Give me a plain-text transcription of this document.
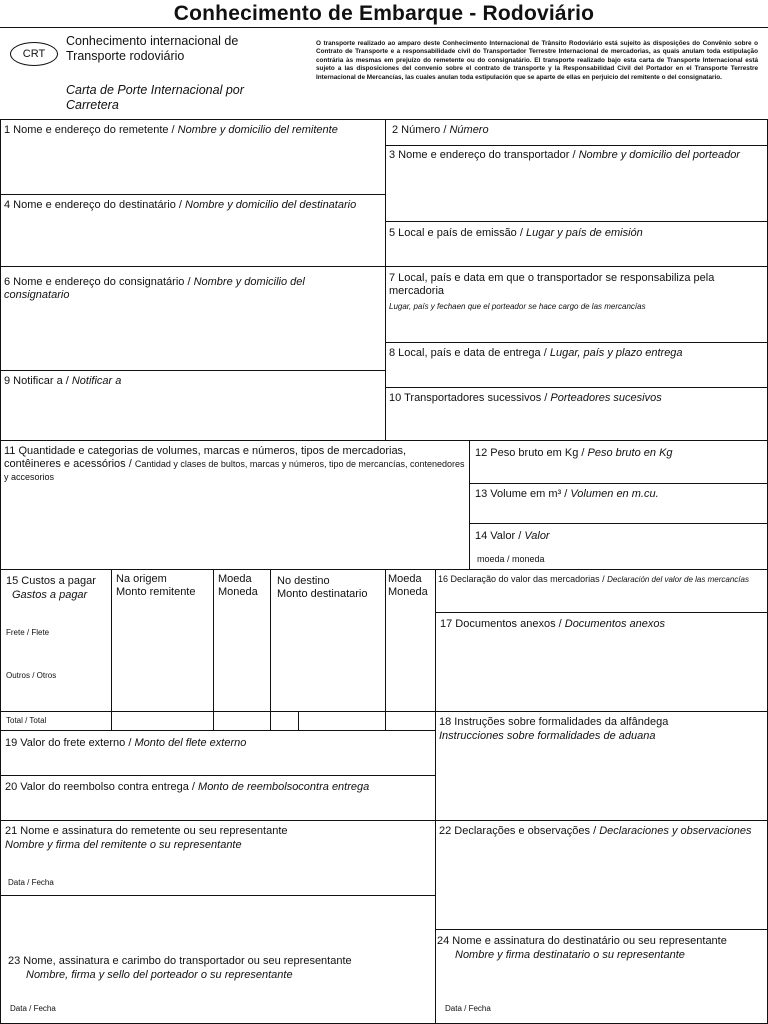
Conhecimento de Embarque - Rodoviário
CRT
Conhecimento internacional de Transporte rodoviário
Carta de Porte Internacional por Carretera
O transporte realizado ao amparo deste Conhecimento Internacional de Trânsito Rodoviário está sujeito às disposições do Convênio sobre o Contrato de Transporte e a responsabilidade civil do Transportador Terrestre Internacional de mercadorias, as quais anulam toda estipulação contrária às mesmas em prejuízo do remetente ou do consignatário. El transporte realizado bajo esta carta de Transporte Internacional está sujeto a las disposiciones del convenio sobre el contrato de transporte y la Responsabilidad Civil del Portador en el Transporte Terrestre Internacional de Mercancías, las cuales anulan toda estipulación que se aparte de ellas en perjuicio del remitente o del consignatario.
1 Nome e endereço do remetente / Nombre y domicilio del remitente	2 Número / Número
3 Nome e endereço do transportador / Nombre y domicilio del porteador
4 Nome e endereço do destinatário / Nombre y domicilio del destinatario
5 Local e país de emissão / Lugar y país de emisión
6 Nome e endereço do consignatário / Nombre y domicilio del consignatario
7 Local, país e data em que o transportador se responsabiliza pela mercadoria
Lugar, país y fechaen que el porteador se hace cargo de las mercancías
8 Local, país e data de entrega / Lugar, país y plazo entrega
9 Notificar a / Notificar a
10 Transportadores sucessivos / Porteadores sucesivos
11 Quantidade e categorias de volumes, marcas e números, tipos de mercadorias, contêineres e acessórios / Cantidad y clases de bultos, marcas y números, tipo de mercancías, contenedores y accesorios
12 Peso bruto em Kg / Peso bruto en Kg
13 Volume em m³ / Volumen en m.cu.
14 Valor / Valor
moeda / moneda
15 Custos a pagar
Gastos a pagar
Frete / Flete
Outros / Otros
Total / Total
Na origem
Monto remitente
Moeda
Moneda
No destino
Monto destinatario
Moeda
Moneda
16 Declaração do valor das mercadorias / Declaración del valor de las mercancías
17 Documentos anexos / Documentos anexos
18 Instruções sobre formalidades da alfândega
Instrucciones sobre formalidades de aduana
19 Valor do frete externo / Monto del flete externo
20 Valor do reembolso contra entrega / Monto de reembolsocontra entrega
21 Nome e assinatura do remetente ou seu representante
Nombre y firma del remitente o su representante
Data / Fecha
22 Declarações e observações / Declaraciones y observaciones
23 Nome, assinatura e carimbo do transportador ou seu representante
Nombre, firma y sello del porteador o su representante
Data / Fecha
24 Nome e assinatura do destinatário ou seu representante
Nombre y firma destinatario o su representante
Data / Fecha
